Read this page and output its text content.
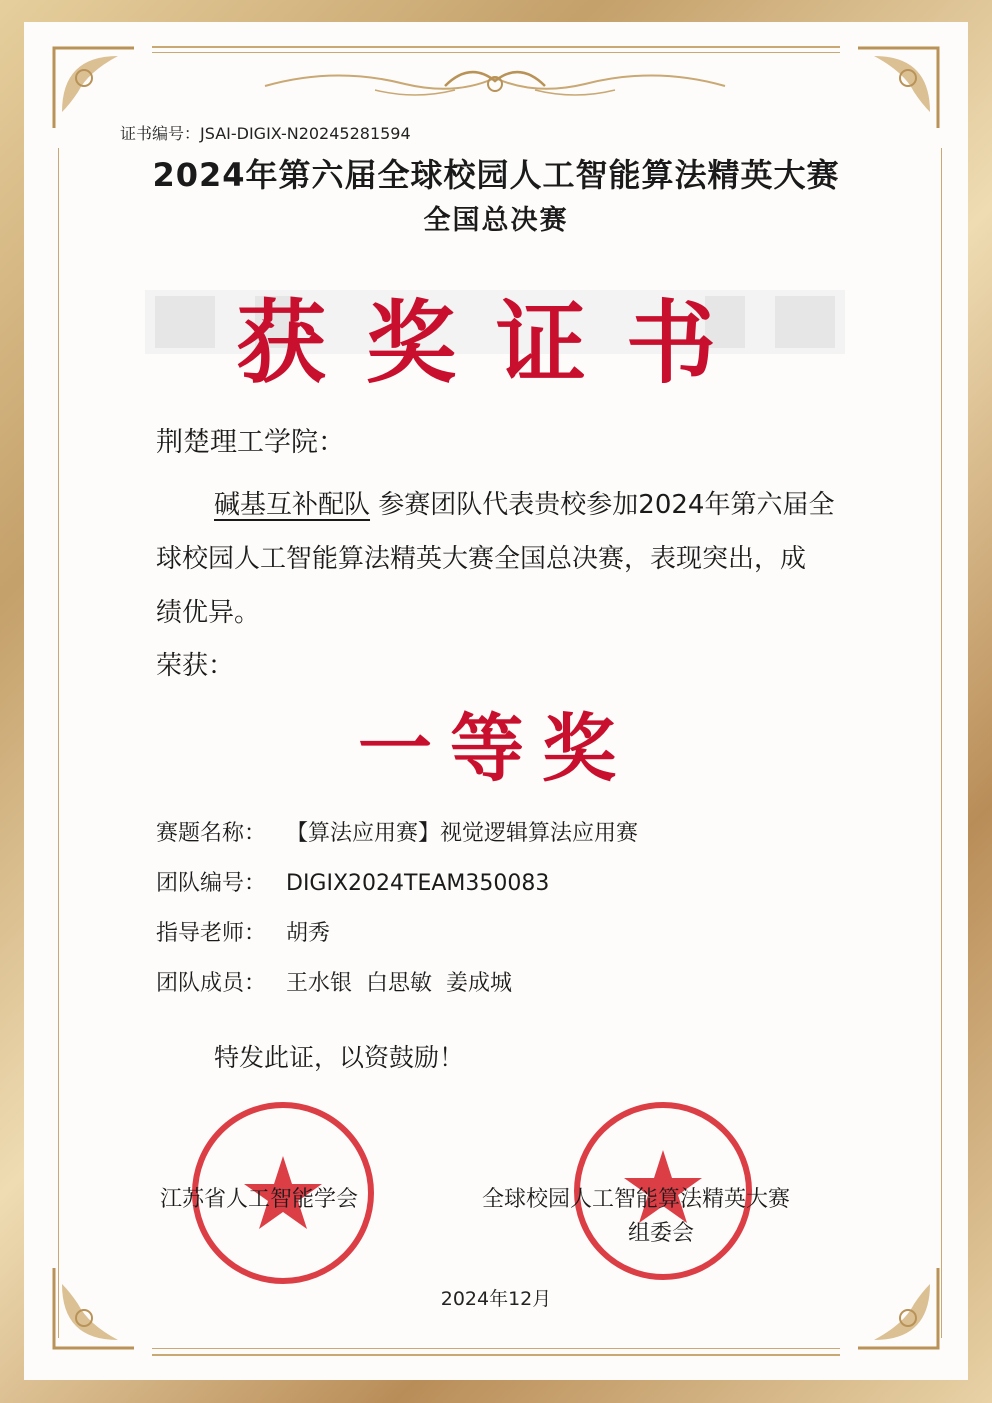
证书编号：JSAI-DIGIX-N20245281594
2024年第六届全球校园人工智能算法精英大赛
全国总决赛
获奖证书
荆楚理工学院：
碱基互补配队 参赛团队代表贵校参加2024年第六届全
球校园人工智能算法精英大赛全国总决赛，表现突出，成
绩优异。
荣获：
一等奖
赛题名称： 【算法应用赛】视觉逻辑算法应用赛
团队编号： DIGIX2024TEAM350083
指导老师： 胡秀
团队成员： 王水银  白思敏  姜成城
特发此证，以资鼓励！
江苏省人工智能学会	全球校园人工智能算法精英大赛
组委会
2024年12月
